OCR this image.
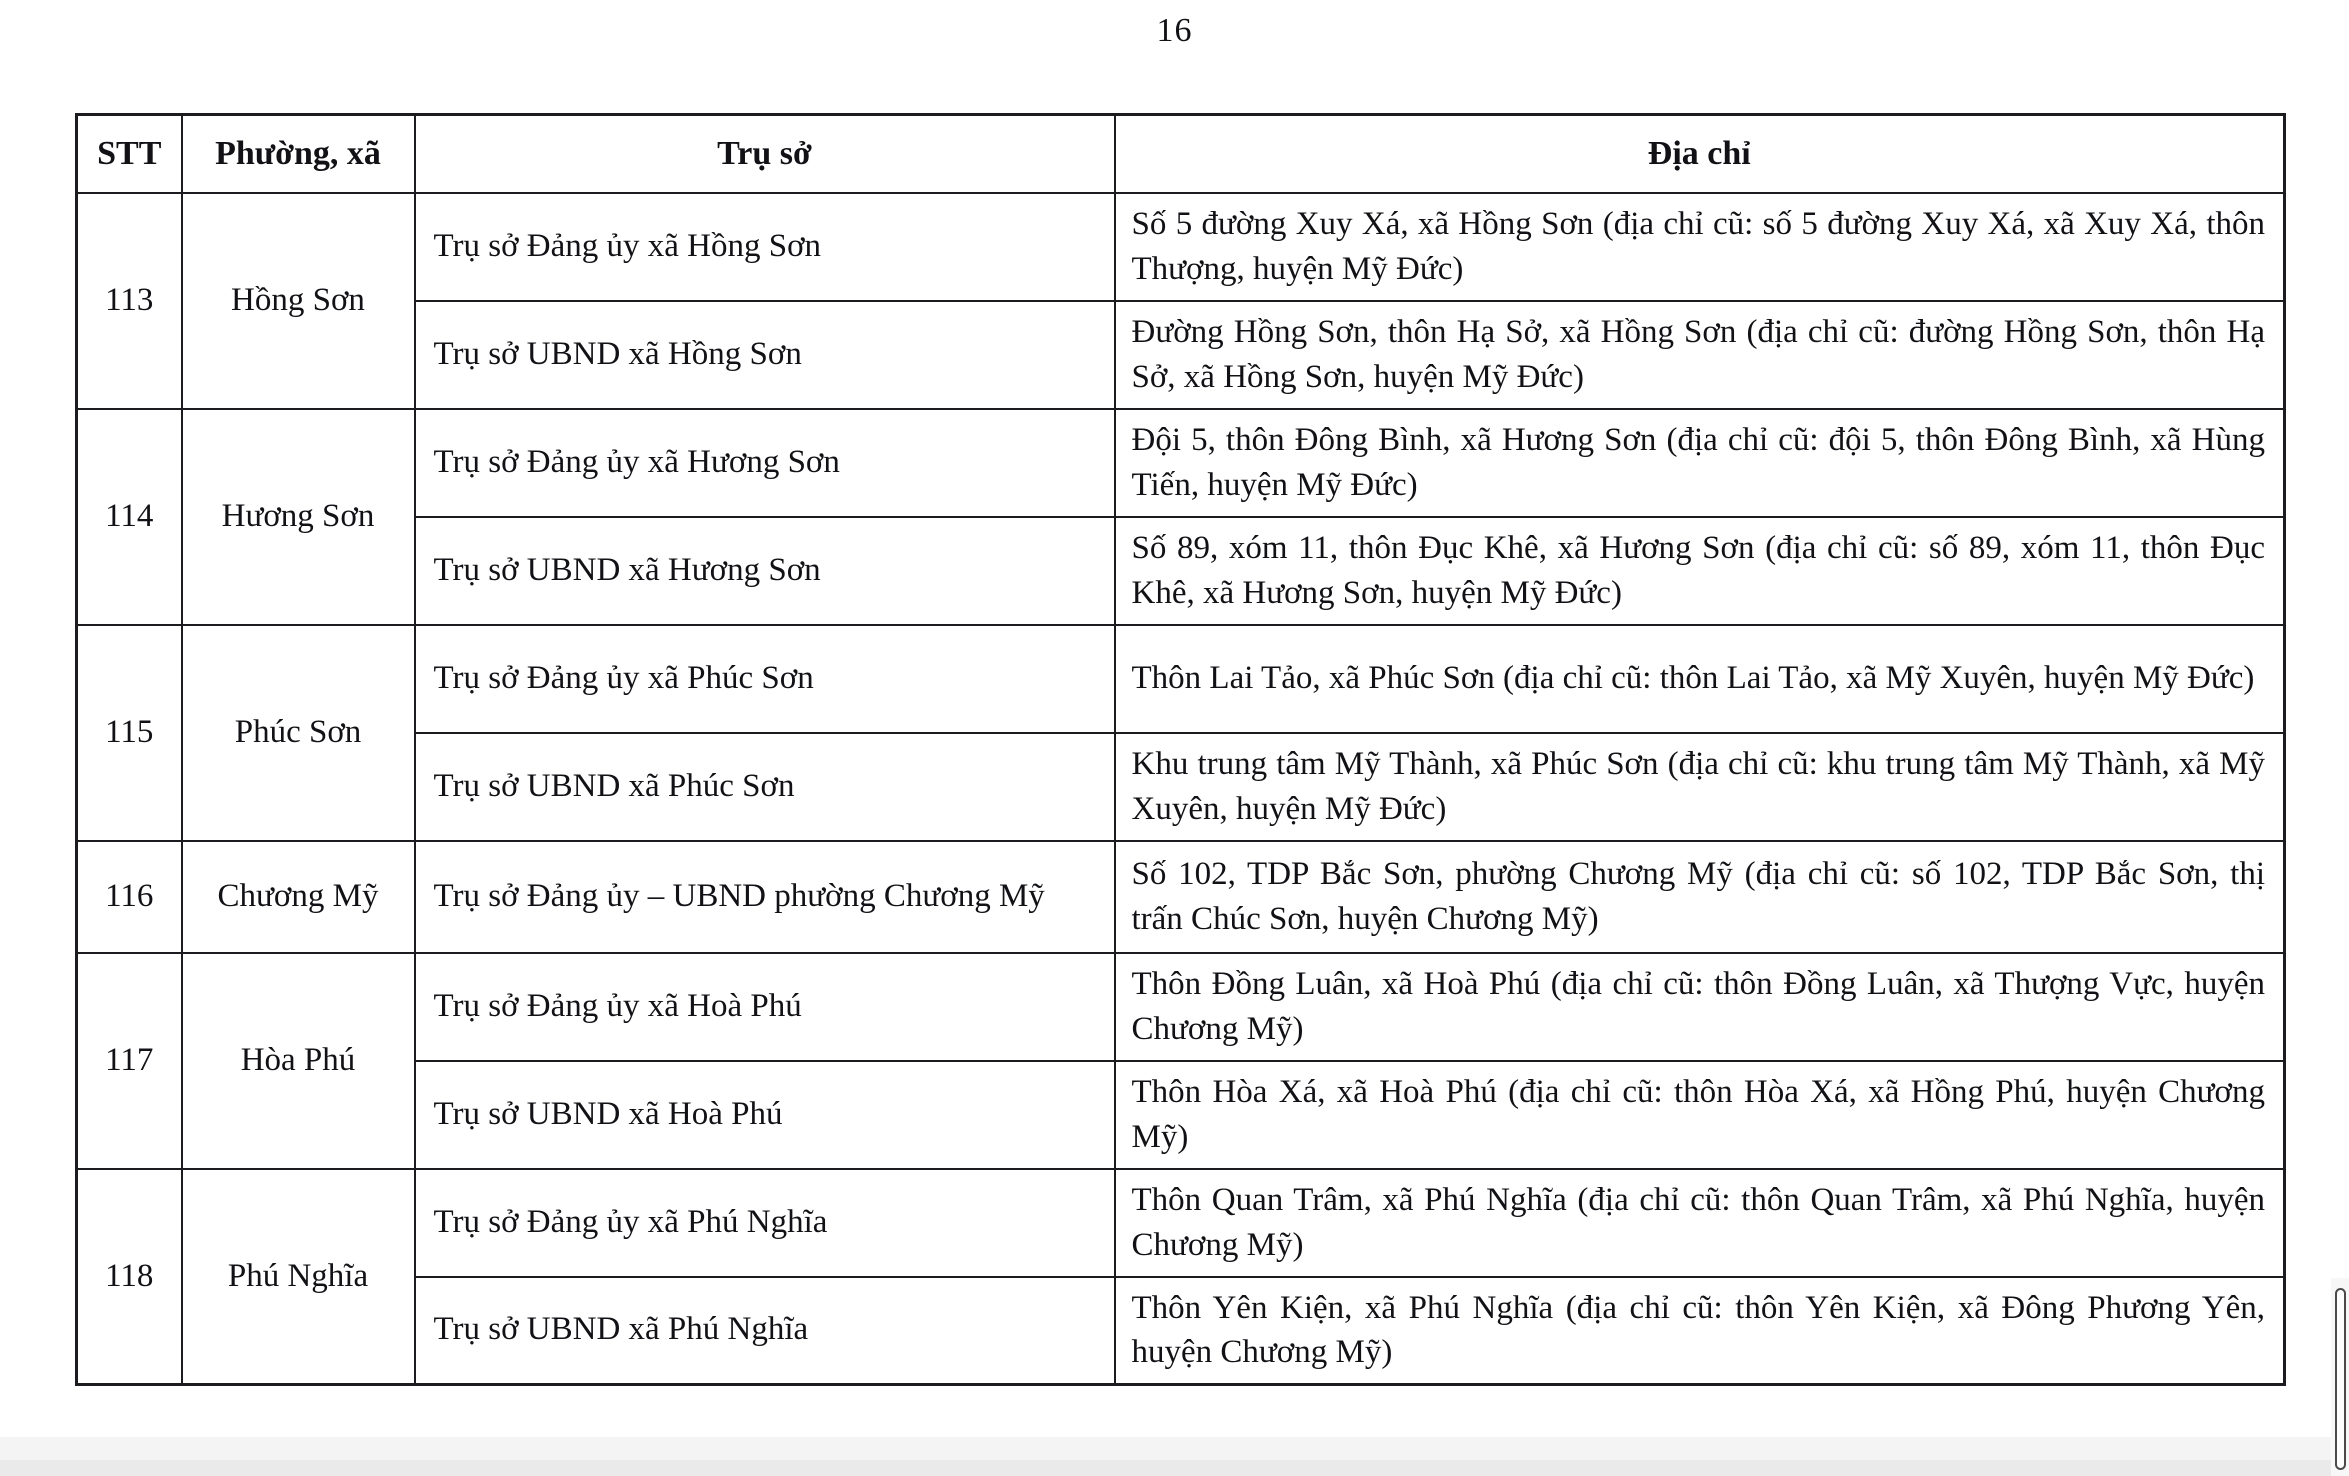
16
STT	Phường, xã	Trụ sở	Địa chỉ
113	Hồng Sơn	Trụ sở Đảng ủy xã Hồng Sơn	Số 5 đường Xuy Xá, xã Hồng Sơn (địa chỉ cũ: số 5 đường Xuy Xá, xã Xuy Xá, thôn Thượng, huyện Mỹ Đức)
		Trụ sở UBND xã Hồng Sơn	Đường Hồng Sơn, thôn Hạ Sở, xã Hồng Sơn (địa chỉ cũ: đường Hồng Sơn, thôn Hạ Sở, xã Hồng Sơn, huyện Mỹ Đức)
114	Hương Sơn	Trụ sở Đảng ủy xã Hương Sơn	Đội 5, thôn Đông Bình, xã Hương Sơn (địa chỉ cũ: đội 5, thôn Đông Bình, xã Hùng Tiến, huyện Mỹ Đức)
		Trụ sở UBND xã Hương Sơn	Số 89, xóm 11, thôn Đục Khê, xã Hương Sơn (địa chỉ cũ: số 89, xóm 11, thôn Đục Khê, xã Hương Sơn, huyện Mỹ Đức)
115	Phúc Sơn	Trụ sở Đảng ủy xã Phúc Sơn	Thôn Lai Tảo, xã Phúc Sơn (địa chỉ cũ: thôn Lai Tảo, xã Mỹ Xuyên, huyện Mỹ Đức)
		Trụ sở UBND xã Phúc Sơn	Khu trung tâm Mỹ Thành, xã Phúc Sơn (địa chỉ cũ: khu trung tâm Mỹ Thành, xã Mỹ Xuyên, huyện Mỹ Đức)
116	Chương Mỹ	Trụ sở Đảng ủy – UBND phường Chương Mỹ	Số 102, TDP Bắc Sơn, phường Chương Mỹ (địa chỉ cũ: số 102, TDP Bắc Sơn, thị trấn Chúc Sơn, huyện Chương Mỹ)
117	Hòa Phú	Trụ sở Đảng ủy xã Hoà Phú	Thôn Đồng Luân, xã Hoà Phú (địa chỉ cũ: thôn Đồng Luân, xã Thượng Vực, huyện Chương Mỹ)
		Trụ sở UBND xã Hoà Phú	Thôn Hòa Xá, xã Hoà Phú (địa chỉ cũ: thôn Hòa Xá, xã Hồng Phú, huyện Chương Mỹ)
118	Phú Nghĩa	Trụ sở Đảng ủy xã Phú Nghĩa	Thôn Quan Trâm, xã Phú Nghĩa (địa chỉ cũ: thôn Quan Trâm, xã Phú Nghĩa, huyện Chương Mỹ)
		Trụ sở UBND xã Phú Nghĩa	Thôn Yên Kiện, xã Phú Nghĩa (địa chỉ cũ: thôn Yên Kiện, xã Đông Phương Yên, huyện Chương Mỹ)
